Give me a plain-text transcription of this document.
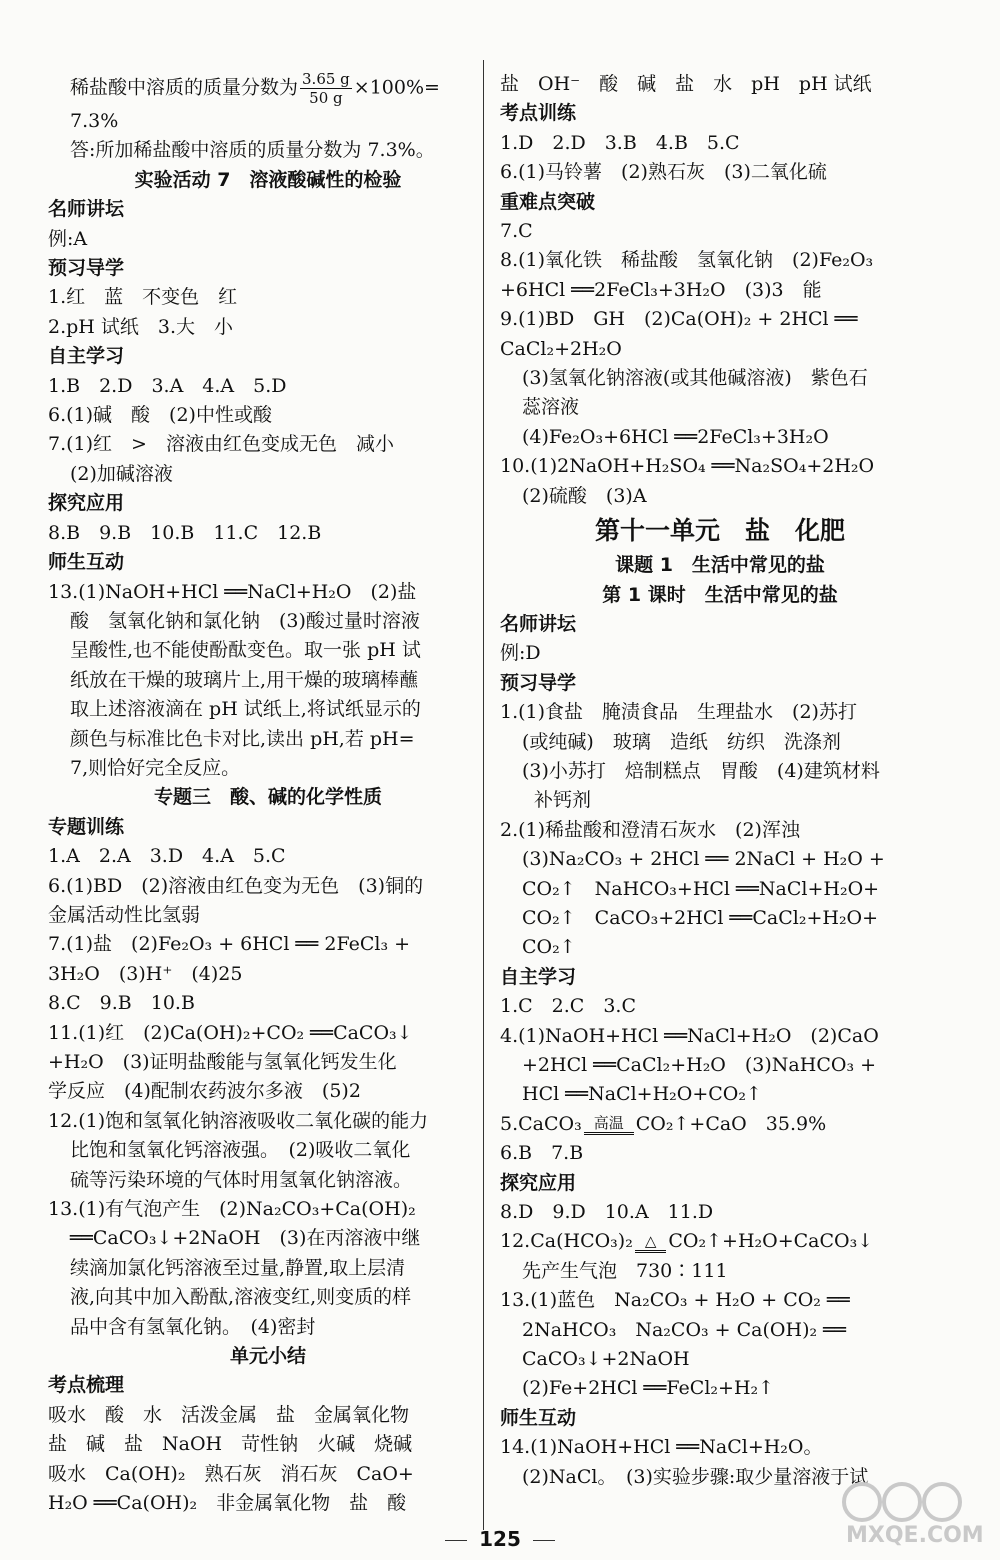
稀盐酸中溶质的质量分数为 $\frac{3.65 g}{50 g} \times 100\%=$
7.3%
答:所加稀盐酸中溶质的质量分数为 7.3%。
实验活动 7　溶液酸碱性的检验
名师讲坛
例:A
预习导学
1.红　蓝　不变色　红
2.pH 试纸　3.大　小
自主学习
1.B　2.D　3.A　4.A　5.D
6.(1)碱　酸　(2)中性或酸
7.(1)红　>　溶液由红色变成无色　减小
(2)加碱溶液
探究应用
8.B　9.B　10.B　11.C　12.B
师生互动
13.(1)NaOH+HCl ══NaCl+H₂O　(2)盐
酸　氢氧化钠和氯化钠　(3)酸过量时溶液
呈酸性,也不能使酚酞变色。取一张 pH 试
纸放在干燥的玻璃片上,用干燥的玻璃棒蘸
取上述溶液滴在 pH 试纸上,将试纸显示的
颜色与标准比色卡对比,读出 pH,若 pH=
7,则恰好完全反应。
专题三　酸、碱的化学性质
专题训练
1.A　2.A　3.D　4.A　5.C
6.(1)BD　(2)溶液由红色变为无色　(3)铜的
金属活动性比氢弱
7.(1)盐　(2)Fe₂O₃ + 6HCl ══ 2FeCl₃ +
3H₂O　(3)H⁺　(4)25
8.C　9.B　10.B
11.(1)红　(2)Ca(OH)₂+CO₂ ══CaCO₃↓
+H₂O　(3)证明盐酸能与氢氧化钙发生化
学反应　(4)配制农药波尔多液　(5)2
12.(1)饱和氢氧化钠溶液吸收二氧化碳的能力
比饱和氢氧化钙溶液强。　(2)吸收二氧化
硫等污染环境的气体时用氢氧化钠溶液。
13.(1)有气泡产生　(2)Na₂CO₃+Ca(OH)₂
══CaCO₃↓+2NaOH　(3)在丙溶液中继
续滴加氯化钙溶液至过量,静置,取上层清
液,向其中加入酚酞,溶液变红,则变质的样
品中含有氢氧化钠。　(4)密封
单元小结
考点梳理
吸水　酸　水　活泼金属　盐　金属氧化物
盐　碱　盐　NaOH　苛性钠　火碱　烧碱
吸水　Ca(OH)₂　熟石灰　消石灰　CaO+
H₂O ══Ca(OH)₂　非金属氧化物　盐　酸
盐　OH⁻　酸　碱　盐　水　pH　pH 试纸
考点训练
1.D　2.D　3.B　4.B　5.C
6.(1)马铃薯　(2)熟石灰　(3)二氧化硫
重难点突破
7.C
8.(1)氧化铁　稀盐酸　氢氧化钠　(2)Fe₂O₃
+6HCl ══2FeCl₃+3H₂O　(3)3　能
9.(1)BD　GH　(2)Ca(OH)₂ + 2HCl ══
CaCl₂+2H₂O
(3)氢氧化钠溶液(或其他碱溶液)　紫色石
蕊溶液
(4)Fe₂O₃+6HCl ══2FeCl₃+3H₂O
10.(1)2NaOH+H₂SO₄ ══Na₂SO₄+2H₂O
(2)硫酸　(3)A
第十一单元　盐　化肥
课题 1　生活中常见的盐
第 1 课时　生活中常见的盐
名师讲坛
例:D
预习导学
1.(1)食盐　腌渍食品　生理盐水　(2)苏打
(或纯碱)　玻璃　造纸　纺织　洗涤剂
(3)小苏打　焙制糕点　胃酸　(4)建筑材料
补钙剂
2.(1)稀盐酸和澄清石灰水　(2)浑浊
(3)Na₂CO₃ + 2HCl ══ 2NaCl + H₂O +
CO₂↑　NaHCO₃+HCl ══NaCl+H₂O+
CO₂↑　CaCO₃+2HCl ══CaCl₂+H₂O+
CO₂↑
自主学习
1.C　2.C　3.C
4.(1)NaOH+HCl ══NaCl+H₂O　(2)CaO
+2HCl ══CaCl₂+H₂O　(3)NaHCO₃ +
HCl ══NaCl+H₂O+CO₂↑
5.CaCO₃ 高温 CO₂↑+CaO　35.9%
6.B　7.B
探究应用
8.D　9.D　10.A　11.D
12.Ca(HCO₃)₂ △ CO₂↑+H₂O+CaCO₃↓
先产生气泡　730∶111
13.(1)蓝色　Na₂CO₃ + H₂O + CO₂ ══
2NaHCO₃　Na₂CO₃ + Ca(OH)₂ ══
CaCO₃↓+2NaOH
(2)Fe+2HCl ══FeCl₂+H₂↑
师生互动
14.(1)NaOH+HCl ══NaCl+H₂O。
(2)NaCl。　(3)实验步骤:取少量溶液于试
MXQE.COM
125
